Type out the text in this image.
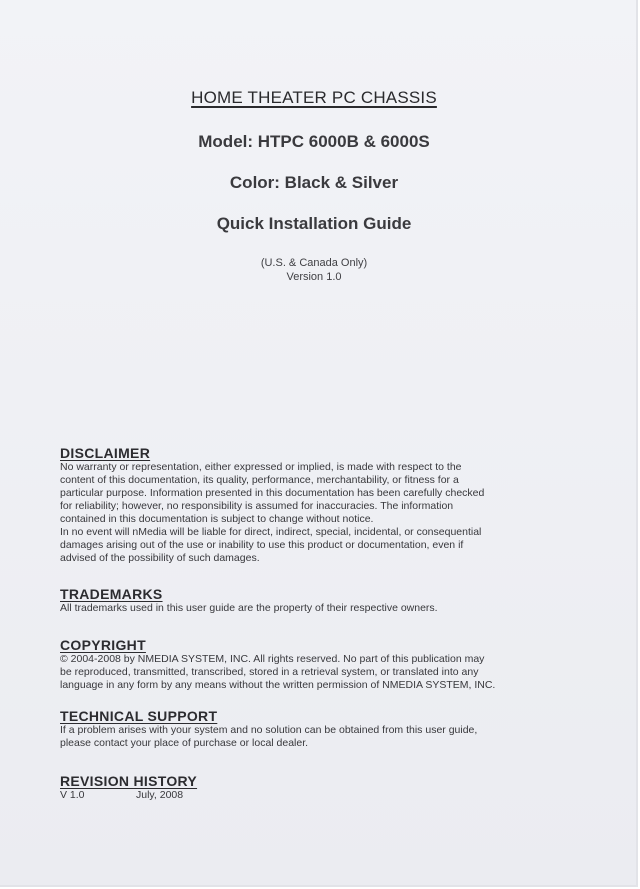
HOME THEATER PC CHASSIS
Model: HTPC 6000B & 6000S
Color: Black & Silver
Quick Installation Guide
(U.S. & Canada Only)
Version 1.0
DISCLAIMER

No warranty or representation, either expressed or implied, is made with respect to the

content of this documentation, its quality, performance, merchantability, or fitness for a

particular purpose. Information presented in this documentation has been carefully checked

for reliability; however, no responsibility is assumed for inaccuracies. The information

contained in this documentation is subject to change without notice.

In no event will nMedia will be liable for direct, indirect, special, incidental, or consequential

damages arising out of the use or inability to use this product or documentation, even if

advised of the possibility of such damages.

TRADEMARKS

All trademarks used in this user guide are the property of their respective owners.

COPYRIGHT

© 2004-2008 by NMEDIA SYSTEM, INC. All rights reserved. No part of this publication may

be reproduced, transmitted, transcribed, stored in a retrieval system, or translated into any

language in any form by any means without the written permission of NMEDIA SYSTEM, INC.

TECHNICAL SUPPORT

If a problem arises with your system and no solution can be obtained from this user guide,

please contact your place of purchase or local dealer.

REVISION HISTORY
V 1.0	July, 2008
